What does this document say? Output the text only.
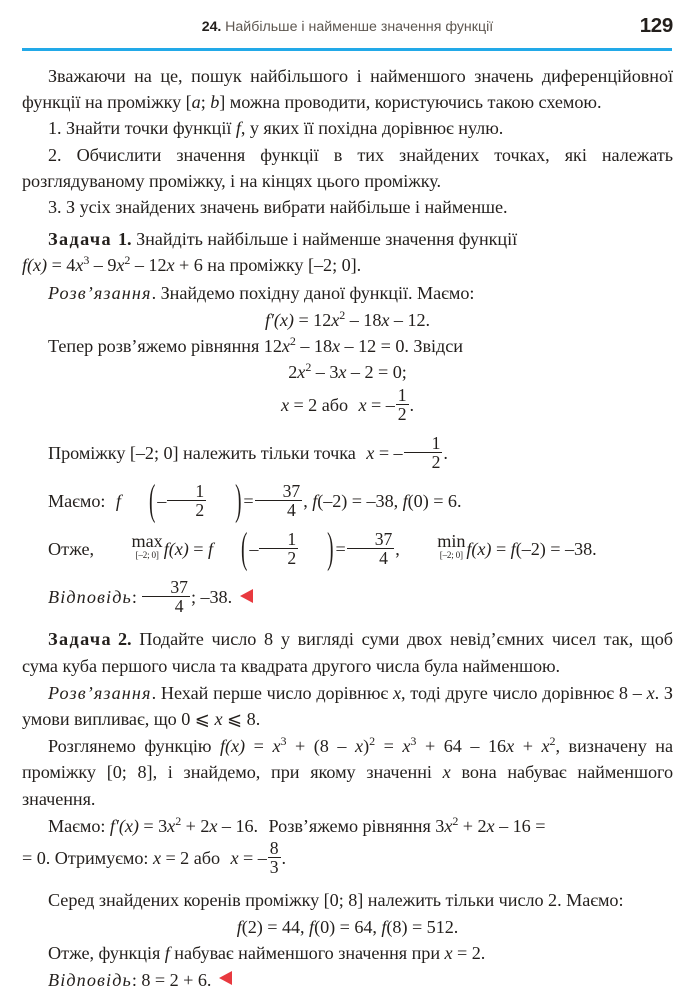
24. Найбільше і найменше значення функції	129

Зважаючи на це, пошук найбільшого і найменшого значень диференційовної функції на проміжку [a; b] можна проводити, користуючись такою схемою.

1. Знайти точки функції f, у яких її похідна дорівнює нулю.

2. Обчислити значення функції в тих знайдених точках, які належать розглядуваному проміжку, і на кінцях цього проміжку.

3. З усіх знайдених значень вибрати найбільше і найменше.

Задача 1. Знайдіть найбільше і найменше значення функції

$f(x) = 4x^3 - 9x^2 - 12x + 6$ на проміжку [–2; 0].

Розв’язання. Знайдемо похідну даної функції. Маємо:

$f'(x) = 12x^2 - 18x - 12$.

Тепер розв’яжемо рівняння $12x^2 - 18x - 12 = 0$. Звідси

$2x^2 - 3x - 2 = 0$;

x = 2 або x = – $\frac{1}{2}$ .

Проміжку [–2; 0] належить тільки точка x = – $\frac{1}{2}$ .

Маємо: f ( – $\frac{1}{2}$ ) = $\frac{37}{4}$ , f(–2) = –38, f(0) = 6.

Отже,	max
[–2; 0] f(x) = f ( – $\frac{1}{2}$ ) = $\frac{37}{4}$ ,	min
[–2; 0] f(x) = f(–2) = –38.

Відповідь: $\frac{37}{4}$ ; –38.

Задача 2. Подайте число 8 у вигляді суми двох невід’ємних чисел так, щоб сума куба першого числа та квадрата другого числа була найменшою.

Розв’язання. Нехай перше число дорівнює x, тоді друге число дорівнює 8 – x. З умови випливає, що 0 ⩽ x ⩽ 8.

Розглянемо функцію $f(x) = x^3 + (8 - x)^2 = x^3 + 64 - 16x + x^2$, визначену на проміжку [0; 8], і знайдемо, при якому значенні x вона набуває найменшого значення.

Маємо: $f'(x) = 3x^2 + 2x - 16$. Розв’яжемо рівняння $3x^2 + 2x - 16$ =

= 0. Отримуємо: x = 2 або x = – $\frac{8}{3}$ .

Серед знайдених коренів проміжку [0; 8] належить тільки число 2. Маємо:

f(2) = 44, f(0) = 64, f(8) = 512.

Отже, функція f набуває найменшого значення при x = 2.

Відповідь: 8 = 2 + 6.
